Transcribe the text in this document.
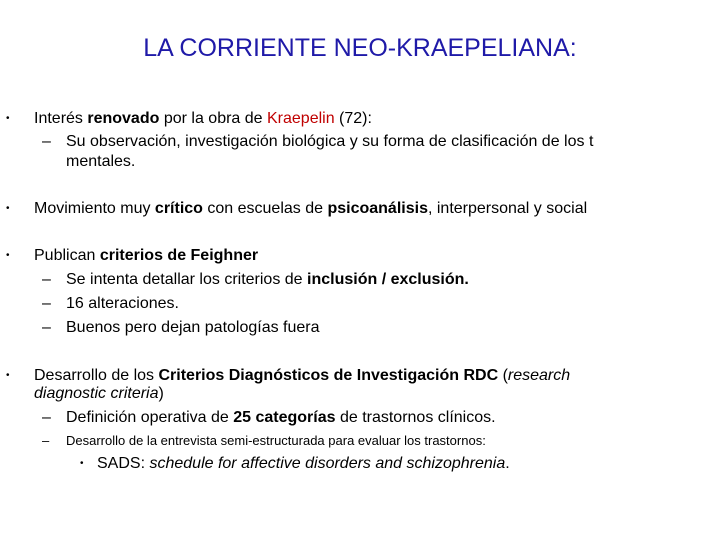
LA CORRIENTE NEO-KRAEPELIANA:
• Interés renovado por la obra de Kraepelin (72):
– Su observación, investigación biológica y su forma de clasificación de los t
mentales.
• Movimiento muy crítico con escuelas de psicoanálisis, interpersonal y social
• Publican criterios de Feighner
– Se intenta detallar los criterios de inclusión / exclusión.
– 16 alteraciones.
– Buenos pero dejan patologías fuera
• Desarrollo de los Criterios Diagnósticos de Investigación RDC (research
diagnostic criteria)
– Definición operativa de 25 categorías de trastornos clínicos.
– Desarrollo de la entrevista semi-estructurada para evaluar los trastornos:
• SADS: schedule for affective disorders and schizophrenia.
